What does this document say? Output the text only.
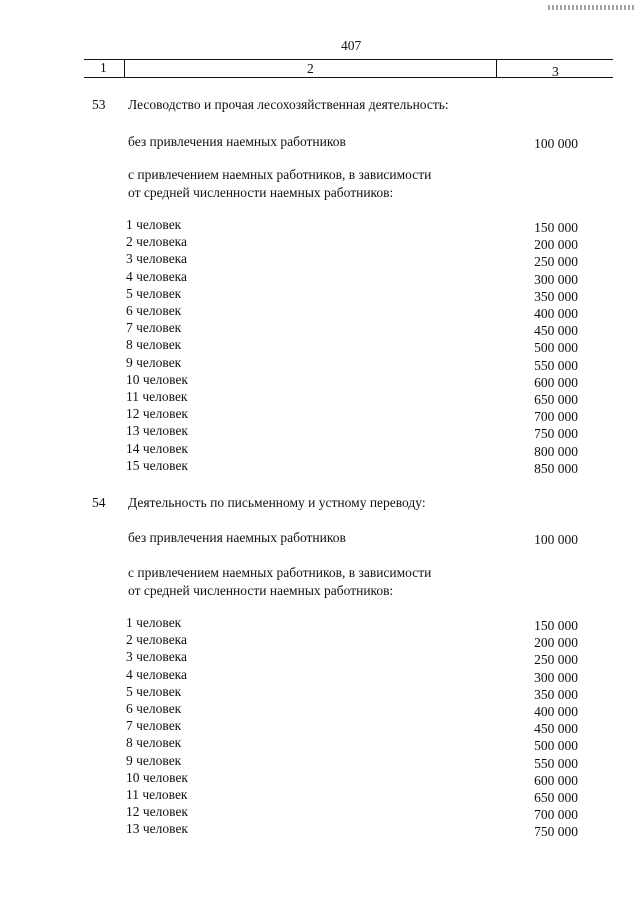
407
1	2	3
53 Лесоводство и прочая лесохозяйственная деятельность:
без привлечения наемных работников	100 000
с привлечением наемных работников, в зависимости
от средней численности наемных работников:
1 человек	150 000
2 человека	200 000
3 человека	250 000
4 человека	300 000
5 человек	350 000
6 человек	400 000
7 человек	450 000
8 человек	500 000
9 человек	550 000
10 человек	600 000
11 человек	650 000
12 человек	700 000
13 человек	750 000
14 человек	800 000
15 человек	850 000
54 Деятельность по письменному и устному переводу:
без привлечения наемных работников	100 000
с привлечением наемных работников, в зависимости
от средней численности наемных работников:
1 человек	150 000
2 человека	200 000
3 человека	250 000
4 человека	300 000
5 человек	350 000
6 человек	400 000
7 человек	450 000
8 человек	500 000
9 человек	550 000
10 человек	600 000
11 человек	650 000
12 человек	700 000
13 человек	750 000
